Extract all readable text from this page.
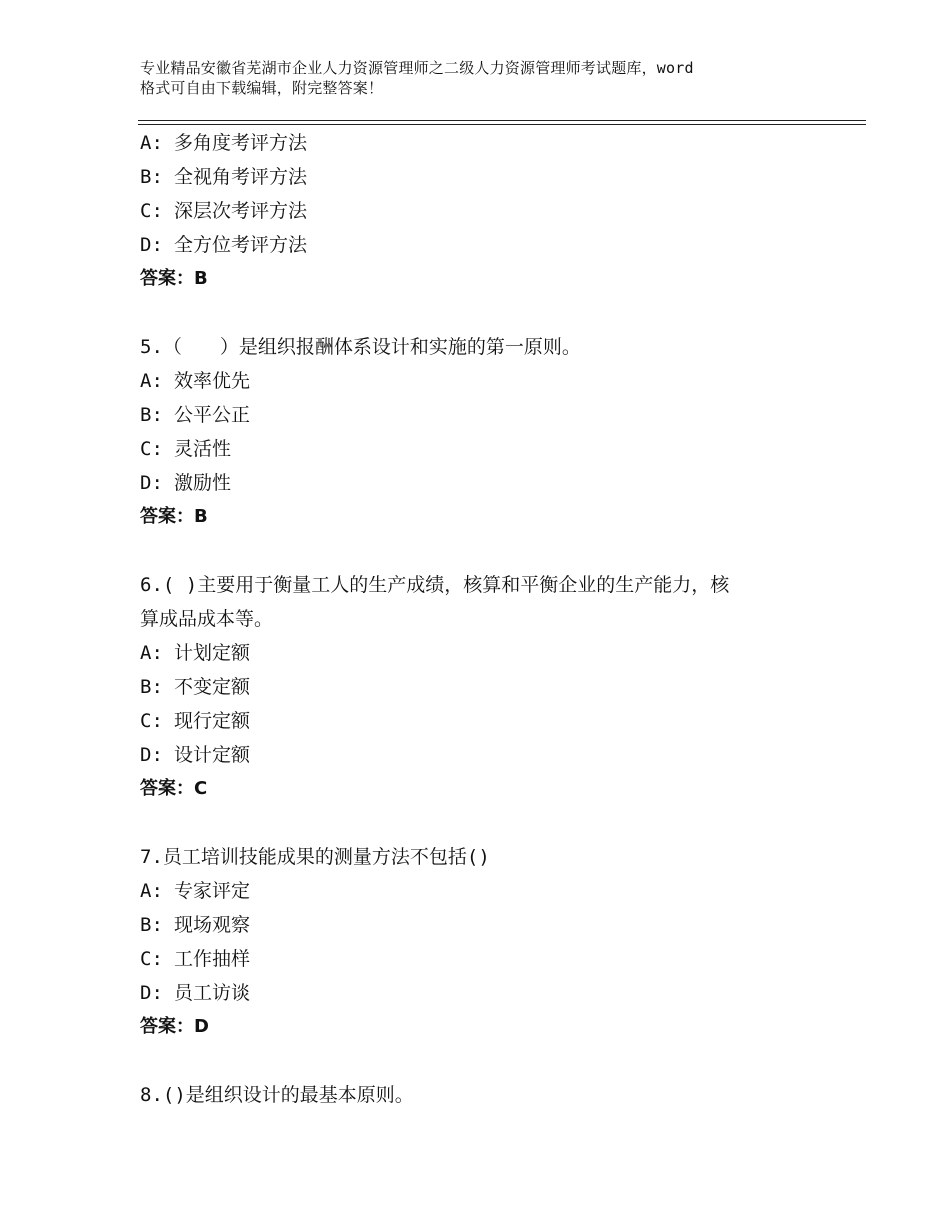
专业精品安徽省芜湖市企业人力资源管理师之二级人力资源管理师考试题库，word
格式可自由下载编辑，附完整答案！
A: 多角度考评方法
B: 全视角考评方法
C: 深层次考评方法
D: 全方位考评方法
答案：B
5.（　　）是组织报酬体系设计和实施的第一原则。
A: 效率优先
B: 公平公正
C: 灵活性
D: 激励性
答案：B
6.( )主要用于衡量工人的生产成绩，核算和平衡企业的生产能力，核
算成品成本等。
A: 计划定额
B: 不变定额
C: 现行定额
D: 设计定额
答案：C
7.员工培训技能成果的测量方法不包括()
A: 专家评定
B: 现场观察
C: 工作抽样
D: 员工访谈
答案：D
8.()是组织设计的最基本原则。
